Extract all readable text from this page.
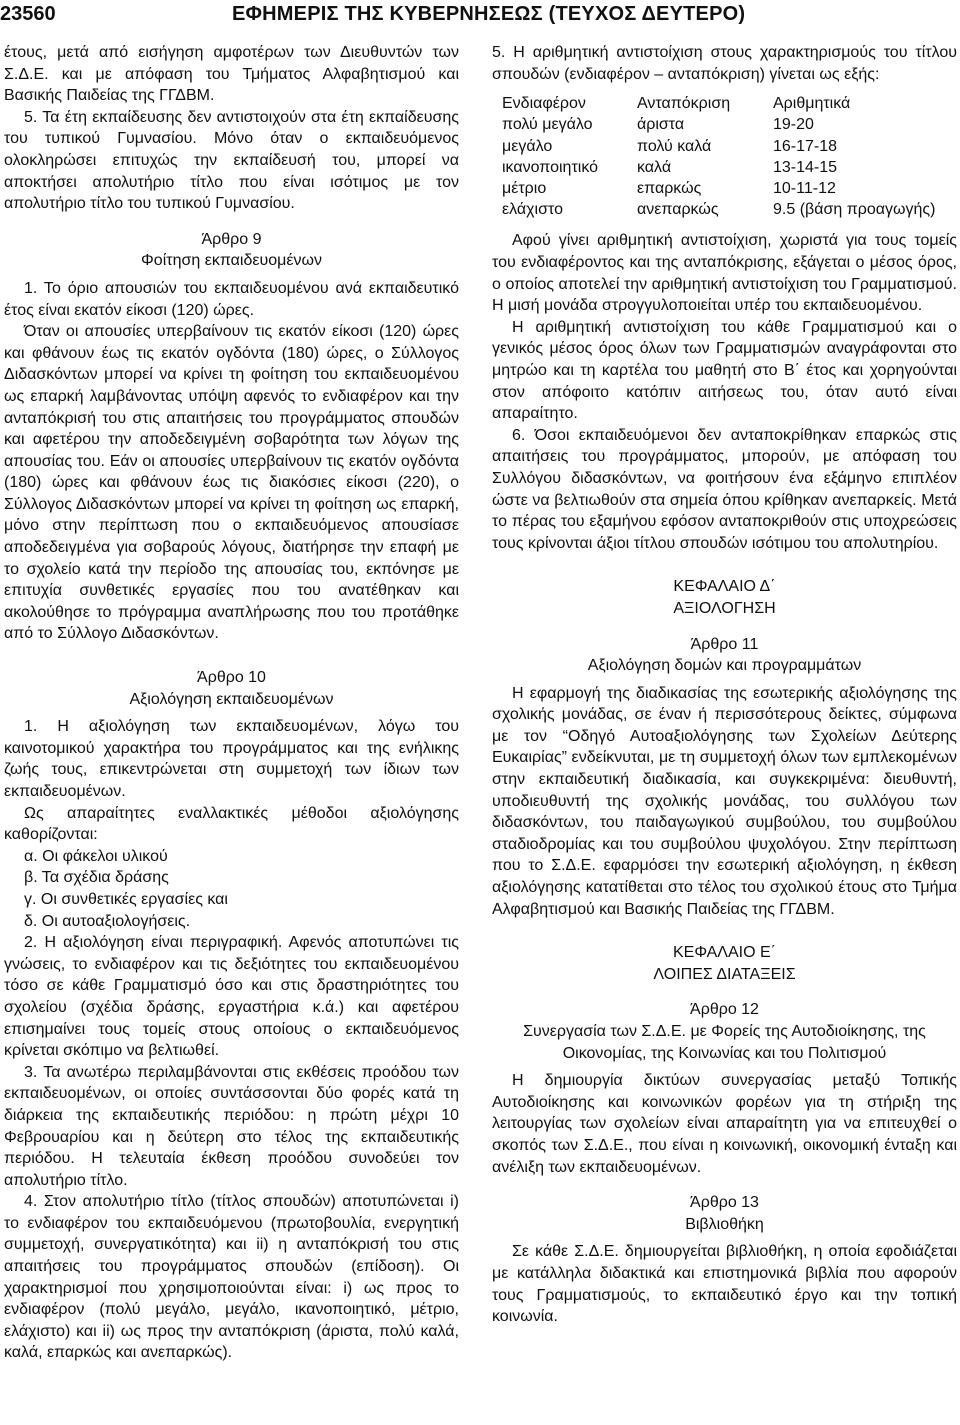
23560	ΕΦΗΜΕΡΙΣ ΤΗΣ ΚΥΒΕΡΝΗΣΕΩΣ (ΤΕΥΧΟΣ ΔΕΥΤΕΡΟ)

έτους, μετά από εισήγηση αμφοτέρων των Διευθυντών των Σ.Δ.Ε. και με απόφαση του Τμήματος Αλφαβητισμού και Βασικής Παιδείας της ΓΓΔΒΜ.

5. Τα έτη εκπαίδευσης δεν αντιστοιχούν στα έτη εκπαίδευσης του τυπικού Γυμνασίου. Μόνο όταν ο εκπαιδευόμενος ολοκληρώσει επιτυχώς την εκπαίδευσή του, μπορεί να αποκτήσει απολυτήριο τίτλο που είναι ισότιμος με τον απολυτήριο τίτλο του τυπικού Γυμνασίου.

Άρθρο 9

Φοίτηση εκπαιδευομένων

1. Το όριο απουσιών του εκπαιδευομένου ανά εκπαιδευτικό έτος είναι εκατόν είκοσι (120) ώρες.

Όταν οι απουσίες υπερβαίνουν τις εκατόν είκοσι (120) ώρες και φθάνουν έως τις εκατόν ογδόντα (180) ώρες, ο Σύλλογος Διδασκόντων μπορεί να κρίνει τη φοίτηση του εκπαιδευομένου ως επαρκή λαμβάνοντας υπόψη αφενός το ενδιαφέρον και την ανταπόκρισή του στις απαιτήσεις του προγράμματος σπουδών και αφετέρου την αποδεδειγμένη σοβαρότητα των λόγων της απουσίας του. Εάν οι απουσίες υπερβαίνουν τις εκατόν ογδόντα (180) ώρες και φθάνουν έως τις διακόσιες είκοσι (220), ο Σύλλογος Διδασκόντων μπορεί να κρίνει τη φοίτηση ως επαρκή, μόνο στην περίπτωση που ο εκπαιδευόμενος απουσίασε αποδεδειγμένα για σοβαρούς λόγους, διατήρησε την επαφή με το σχολείο κατά την περίοδο της απουσίας του, εκπόνησε με επιτυχία συνθετικές εργασίες που του ανατέθηκαν και ακολούθησε το πρόγραμμα αναπλήρωσης που του προτάθηκε από το Σύλλογο Διδασκόντων.

Άρθρο 10

Αξιολόγηση εκπαιδευομένων

1. Η αξιολόγηση των εκπαιδευομένων, λόγω του καινοτομικού χαρακτήρα του προγράμματος και της ενήλικης ζωής τους, επικεντρώνεται στη συμμετοχή των ίδιων των εκπαιδευομένων.

Ως απαραίτητες εναλλακτικές μέθοδοι αξιολόγησης καθορίζονται:

α. Οι φάκελοι υλικού

β. Τα σχέδια δράσης

γ. Οι συνθετικές εργασίες και

δ. Οι αυτοαξιολογήσεις.

2. Η αξιολόγηση είναι περιγραφική. Αφενός αποτυπώνει τις γνώσεις, το ενδιαφέρον και τις δεξιότητες του εκπαιδευομένου τόσο σε κάθε Γραμματισμό όσο και στις δραστηριότητες του σχολείου (σχέδια δράσης, εργαστήρια κ.ά.) και αφετέρου επισημαίνει τους τομείς στους οποίους ο εκπαιδευόμενος κρίνεται σκόπιμο να βελτιωθεί.

3. Τα ανωτέρω περιλαμβάνονται στις εκθέσεις προόδου των εκπαιδευομένων, οι οποίες συντάσσονται δύο φορές κατά τη διάρκεια της εκπαιδευτικής περιόδου: η πρώτη μέχρι 10 Φεβρουαρίου και η δεύτερη στο τέλος της εκπαιδευτικής περιόδου. Η τελευταία έκθεση προόδου συνοδεύει τον απολυτήριο τίτλο.

4. Στον απολυτήριο τίτλο (τίτλος σπουδών) αποτυπώνεται i) το ενδιαφέρον του εκπαιδευόμενου (πρωτοβουλία, ενεργητική συμμετοχή, συνεργατικότητα) και ii) η ανταπόκρισή του στις απαιτήσεις του προγράμματος σπουδών (επίδοση). Οι χαρακτηρισμοί που χρησιμοποιούνται είναι: i) ως προς το ενδιαφέρον (πολύ μεγάλο, μεγάλο, ικανοποιητικό, μέτριο, ελάχιστο) και ii) ως προς την ανταπόκριση (άριστα, πολύ καλά, καλά, επαρκώς και ανεπαρκώς).

5. Η αριθμητική αντιστοίχιση στους χαρακτηρισμούς του τίτλου σπουδών (ενδιαφέρον – ανταπόκριση) γίνεται ως εξής:

Ενδιαφέρον	Ανταπόκριση	Αριθμητικά
πολύ μεγάλο	άριστα	19-20
μεγάλο	πολύ καλά	16-17-18
ικανοποιητικό	καλά	13-14-15
μέτριο	επαρκώς	10-11-12
ελάχιστο	ανεπαρκώς	9.5 (βάση προαγωγής)

Αφού γίνει αριθμητική αντιστοίχιση, χωριστά για τους τομείς του ενδιαφέροντος και της ανταπόκρισης, εξάγεται ο μέσος όρος, ο οποίος αποτελεί την αριθμητική αντιστοίχιση του Γραμματισμού. Η μισή μονάδα στρογγυλοποιείται υπέρ του εκπαιδευομένου.

Η αριθμητική αντιστοίχιση του κάθε Γραμματισμού και ο γενικός μέσος όρος όλων των Γραμματισμών αναγράφονται στο μητρώο και τη καρτέλα του μαθητή στο Β΄ έτος και χορηγούνται στον απόφοιτο κατόπιν αιτήσεως του, όταν αυτό είναι απαραίτητο.

6. Όσοι εκπαιδευόμενοι δεν ανταποκρίθηκαν επαρκώς στις απαιτήσεις του προγράμματος, μπορούν, με απόφαση του Συλλόγου διδασκόντων, να φοιτήσουν ένα εξάμηνο επιπλέον ώστε να βελτιωθούν στα σημεία όπου κρίθηκαν ανεπαρκείς. Μετά το πέρας του εξαμήνου εφόσον ανταποκριθούν στις υποχρεώσεις τους κρίνονται άξιοι τίτλου σπουδών ισότιμου του απολυτηρίου.

ΚΕΦΑΛΑΙΟ Δ΄

ΑΞΙΟΛΟΓΗΣΗ

Άρθρο 11

Αξιολόγηση δομών και προγραμμάτων

Η εφαρμογή της διαδικασίας της εσωτερικής αξιολόγησης της σχολικής μονάδας, σε έναν ή περισσότερους δείκτες, σύμφωνα με τον “Οδηγό Αυτοαξιολόγησης των Σχολείων Δεύτερης Ευκαιρίας” ενδείκνυται, με τη συμμετοχή όλων των εμπλεκομένων στην εκπαιδευτική διαδικασία, και συγκεκριμένα: διευθυντή, υποδιευθυντή της σχολικής μονάδας, του συλλόγου των διδασκόντων, του παιδαγωγικού συμβούλου, του συμβούλου σταδιοδρομίας και του συμβούλου ψυχολόγου. Στην περίπτωση που το Σ.Δ.Ε. εφαρμόσει την εσωτερική αξιολόγηση, η έκθεση αξιολόγησης κατατίθεται στο τέλος του σχολικού έτους στο Τμήμα Αλφαβητισμού και Βασικής Παιδείας της ΓΓΔΒΜ.

ΚΕΦΑΛΑΙΟ Ε΄

ΛΟΙΠΕΣ ΔΙΑΤΑΞΕΙΣ

Άρθρο 12

Συνεργασία των Σ.Δ.Ε. με Φορείς της Αυτοδιοίκησης, της Οικονομίας, της Κοινωνίας και του Πολιτισμού

Η δημιουργία δικτύων συνεργασίας μεταξύ Τοπικής Αυτοδιοίκησης και κοινωνικών φορέων για τη στήριξη της λειτουργίας των σχολείων είναι απαραίτητη για να επιτευχθεί ο σκοπός των Σ.Δ.Ε., που είναι η κοινωνική, οικονομική ένταξη και ανέλιξη των εκπαιδευομένων.

Άρθρο 13

Βιβλιοθήκη

Σε κάθε Σ.Δ.Ε. δημιουργείται βιβλιοθήκη, η οποία εφοδιάζεται με κατάλληλα διδακτικά και επιστημονικά βιβλία που αφορούν τους Γραμματισμούς, το εκπαιδευτικό έργο και την τοπική κοινωνία.
